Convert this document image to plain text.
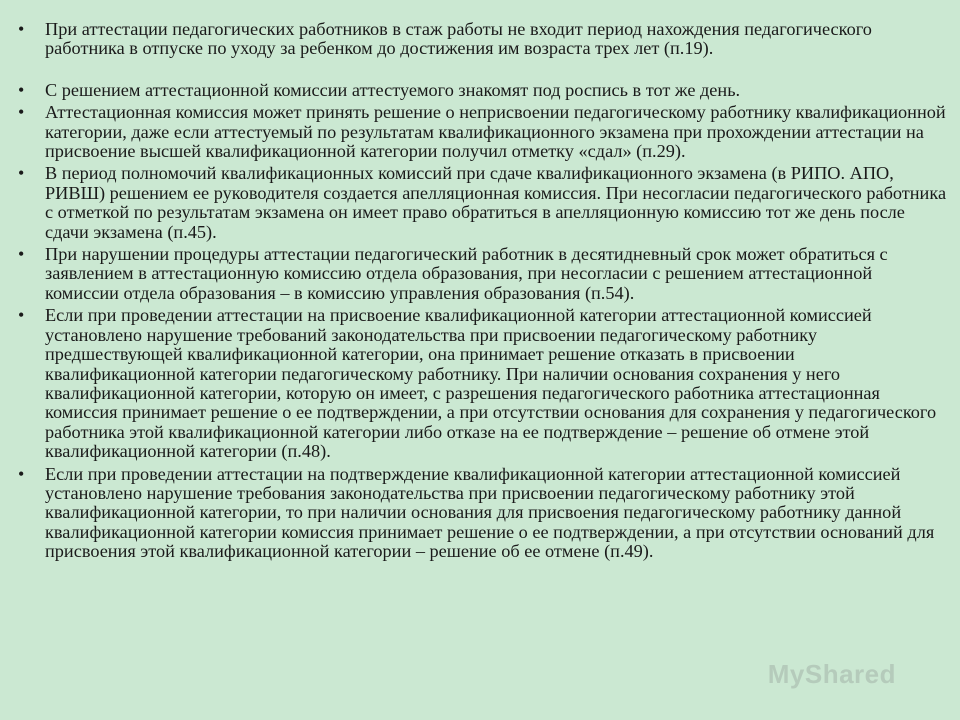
• При аттестации педагогических работников в стаж работы не входит период нахождения педагогического работника в отпуске по уходу за ребенком до достижения им возраста трех лет (п.19).
• С решением аттестационной комиссии аттестуемого знакомят под роспись в тот же день.
• Аттестационная комиссия может принять решение о неприсвоении педагогическому работнику квалификационной категории, даже если аттестуемый по результатам квалификационного экзамена при прохождении аттестации на присвоение высшей квалификационной категории получил отметку «сдал» (п.29).
• В период полномочий квалификационных комиссий при сдаче квалификационного экзамена (в РИПО. АПО, РИВШ) решением ее руководителя создается апелляционная комиссия. При несогласии педагогического работника с отметкой по результатам экзамена он имеет право обратиться в апелляционную комиссию тот же день после сдачи экзамена (п.45).
• При нарушении процедуры аттестации педагогический работник в десятидневный срок может обратиться с заявлением в аттестационную комиссию отдела образования, при несогласии с решением аттестационной комиссии отдела образования – в комиссию управления образования (п.54).
• Если при проведении аттестации на присвоение квалификационной категории аттестационной комиссией установлено нарушение требований законодательства при присвоении педагогическому работнику предшествующей квалификационной категории, она принимает решение отказать в присвоении квалификационной категории педагогическому работнику. При наличии основания сохранения у него квалификационной категории, которую он имеет, с разрешения педагогического работника аттестационная комиссия принимает решение о ее подтверждении, а при отсутствии основания для сохранения у педагогического работника этой квалификационной категории либо отказе на ее подтверждение – решение об отмене этой квалификационной категории (п.48).
• Если при проведении аттестации на подтверждение квалификационной категории аттестационной комиссией установлено нарушение требования законодательства при присвоении педагогическому работнику этой квалификационной категории, то при наличии основания для присвоения педагогическому работнику данной квалификационной категории комиссия принимает решение о ее подтверждении, а при отсутствии оснований для присвоения этой квалификационной категории – решение об ее отмене (п.49).
MyShared
